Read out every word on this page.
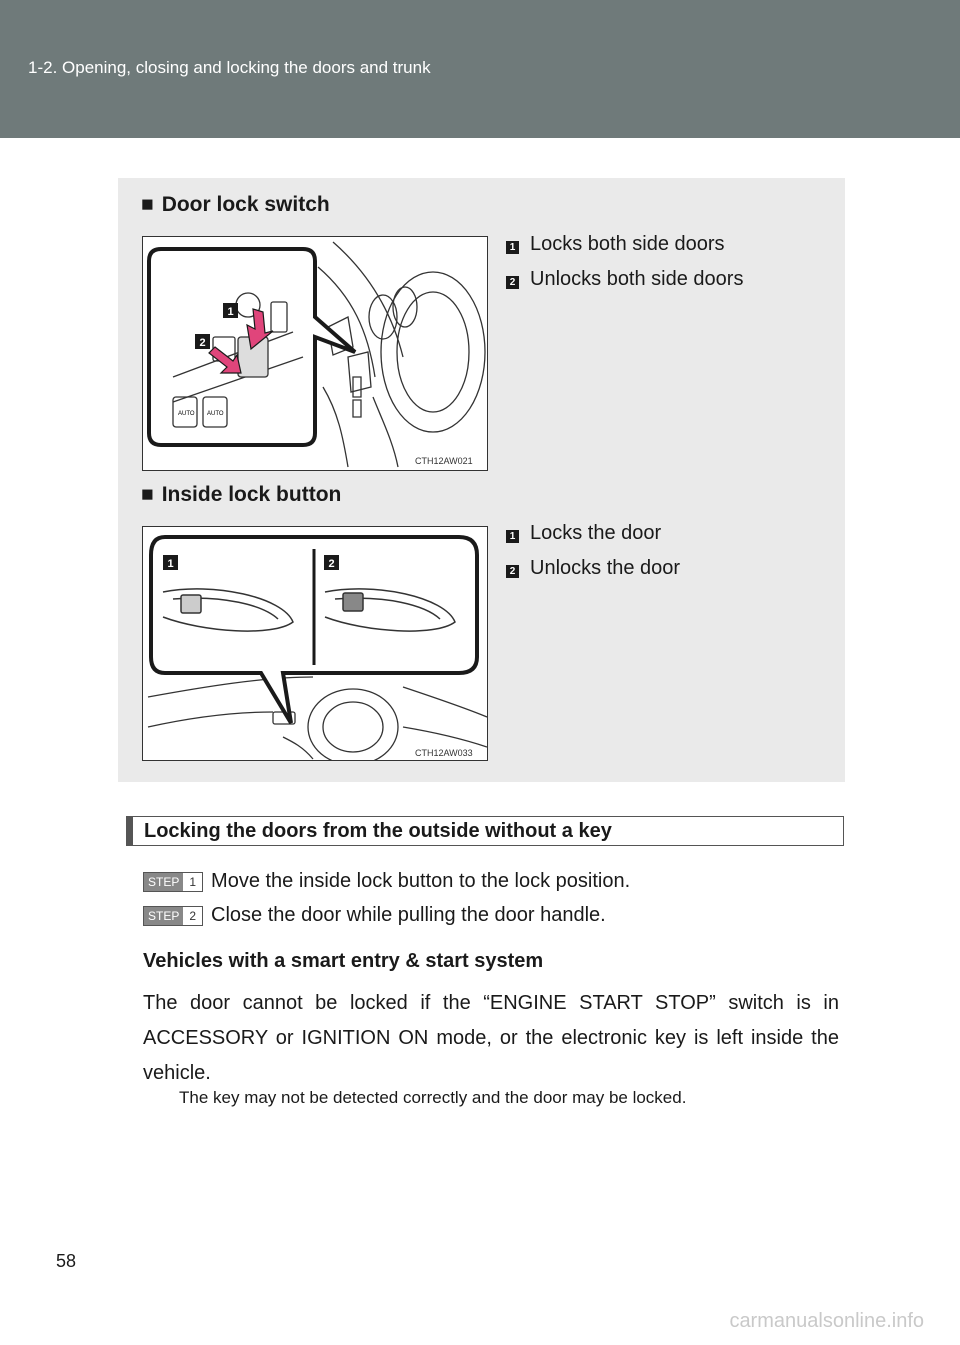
1-2. Opening, closing and locking the doors and trunk
■ Door lock switch
AUTO AUTO
1
2
CTH12AW021
1 Locks both side doors
2 Unlocks both side doors
■ Inside lock button
1	2
CTH12AW033
1 Locks the door
2 Unlocks the door
Locking the doors from the outside without a key
STEP 1 Move the inside lock button to the lock position.
STEP 2 Close the door while pulling the door handle.
Vehicles with a smart entry & start system
The door cannot be locked if the “ENGINE START STOP” switch is in ACCESSORY or IGNITION ON mode, or the electronic key is left inside the vehicle.
The key may not be detected correctly and the door may be locked.
58
carmanualsonline.info
